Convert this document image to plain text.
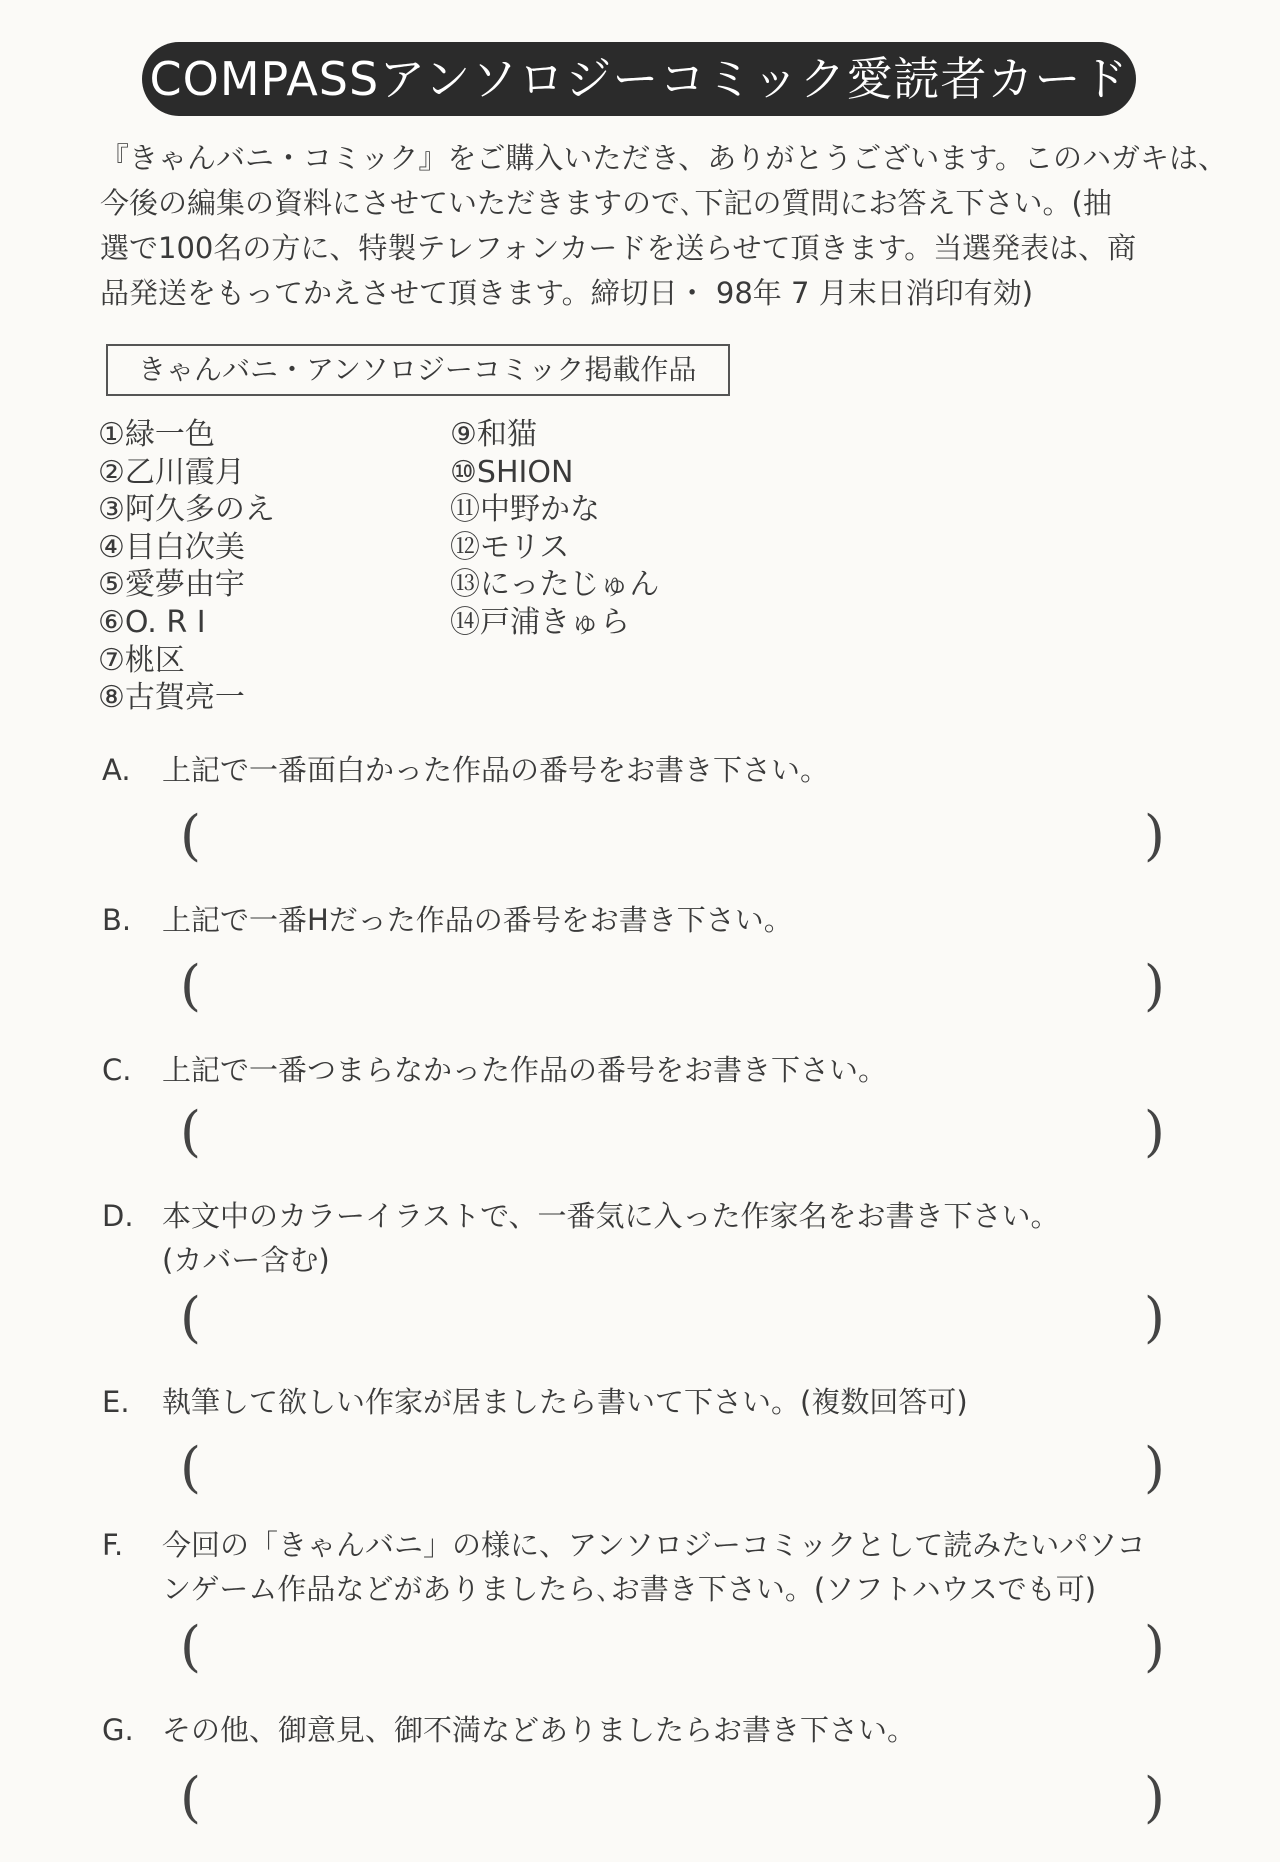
COMPASSアンソロジーコミック愛読者カード

『きゃんバニ・コミック』をご購入いただき、ありがとうございます。このハガキは、

今後の編集の資料にさせていただきますので､下記の質問にお答え下さい。(抽

選で100名の方に、特製テレフォンカードを送らせて頂きます。当選発表は、商

品発送をもってかえさせて頂きます。締切日・ 98年 7 月末日消印有効)

きゃんバニ・アンソロジーコミック掲載作品
①緑一色
②乙川霞月
③阿久多のえ
④目白次美
⑤愛夢由宇
⑥O. R I
⑦桃区
⑧古賀亮一
⑨和猫
⑩SHION
⑪中野かな
⑫モリス
⑬にったじゅん
⑭戸浦きゅら
A. 上記で一番面白かった作品の番号をお書き下さい。
(	)
B. 上記で一番Hだった作品の番号をお書き下さい。
(	)
C. 上記で一番つまらなかった作品の番号をお書き下さい。
(	)
D. 本文中のカラーイラストで、一番気に入った作家名をお書き下さい。
(カバー含む)
(	)
E. 執筆して欲しい作家が居ましたら書いて下さい。(複数回答可)
(	)
F. 今回の「きゃんバニ」の様に、アンソロジーコミックとして読みたいパソコ
ンゲーム作品などがありましたら､お書き下さい。(ソフトハウスでも可)
(	)
G. その他、御意見、御不満などありましたらお書き下さい。
(	)
